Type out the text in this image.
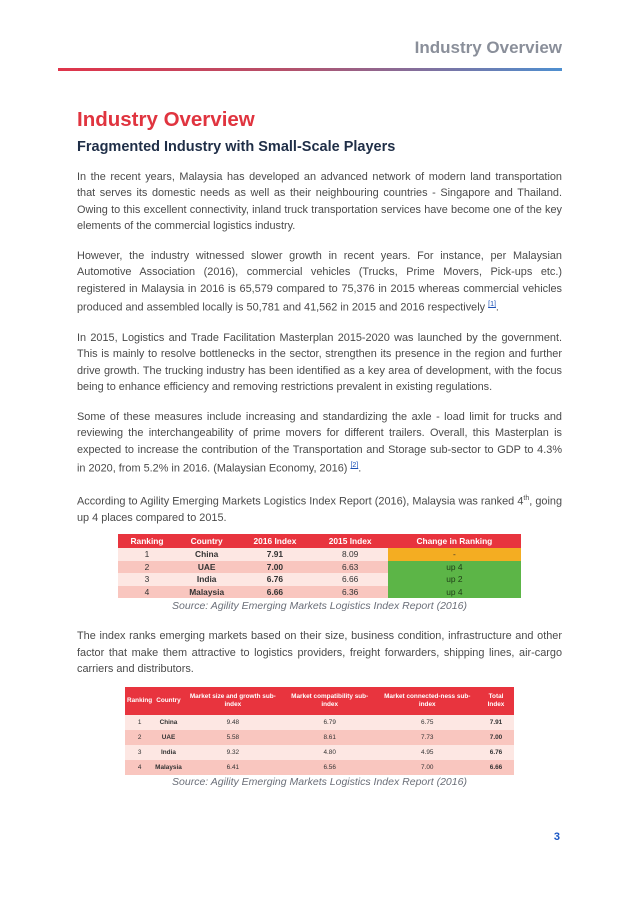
Industry Overview
Industry Overview
Fragmented Industry with Small-Scale Players

In the recent years, Malaysia has developed an advanced network of modern land transportation that serves its domestic needs as well as their neighbouring countries - Singapore and Thailand. Owing to this excellent connectivity, inland truck transportation services have become one of the key elements of the commercial logistics industry.

However, the industry witnessed slower growth in recent years. For instance, per Malaysian Automotive Association (2016), commercial vehicles (Trucks, Prime Movers, Pick-ups etc.) registered in Malaysia in 2016 is 65,579 compared to 75,376 in 2015 whereas commercial vehicles produced and assembled locally is 50,781 and 41,562 in 2015 and 2016 respectively [1].

In 2015, Logistics and Trade Facilitation Masterplan 2015-2020 was launched by the government. This is mainly to resolve bottlenecks in the sector, strengthen its presence in the region and further drive growth. The trucking industry has been identified as a key area of development, with the focus being to enhance efficiency and removing restrictions prevalent in existing regulations.

Some of these measures include increasing and standardizing the axle - load limit for trucks and reviewing the interchangeability of prime movers for different trailers. Overall, this Masterplan is expected to increase the contribution of the Transportation and Storage sub-sector to GDP to 4.3% in 2020, from 5.2% in 2016. (Malaysian Economy, 2016) [2].

According to Agility Emerging Markets Logistics Index Report (2016), Malaysia was ranked 4th, going up 4 places compared to 2015.

Ranking	Country	2016 Index	2015 Index	Change in Ranking
1	China	7.91	8.09	-
2	UAE	7.00	6.63	up 4
3	India	6.76	6.66	up 2
4	Malaysia	6.66	6.36	up 4
Source: Agility Emerging Markets Logistics Index Report (2016)

The index ranks emerging markets based on their size, business condition, infrastructure and other factor that make them attractive to logistics providers, freight forwarders, shipping lines, air-cargo carriers and distributors.

Ranking	Country	Market size and growth sub-index	Market compatibility sub-index	Market connected-ness sub-index	Total Index
1	China	9.48	6.79	6.75	7.91
2	UAE	5.58	8.61	7.73	7.00
3	India	9.32	4.80	4.95	6.76
4	Malaysia	6.41	6.56	7.00	6.66
Source: Agility Emerging Markets Logistics Index Report (2016)
3
